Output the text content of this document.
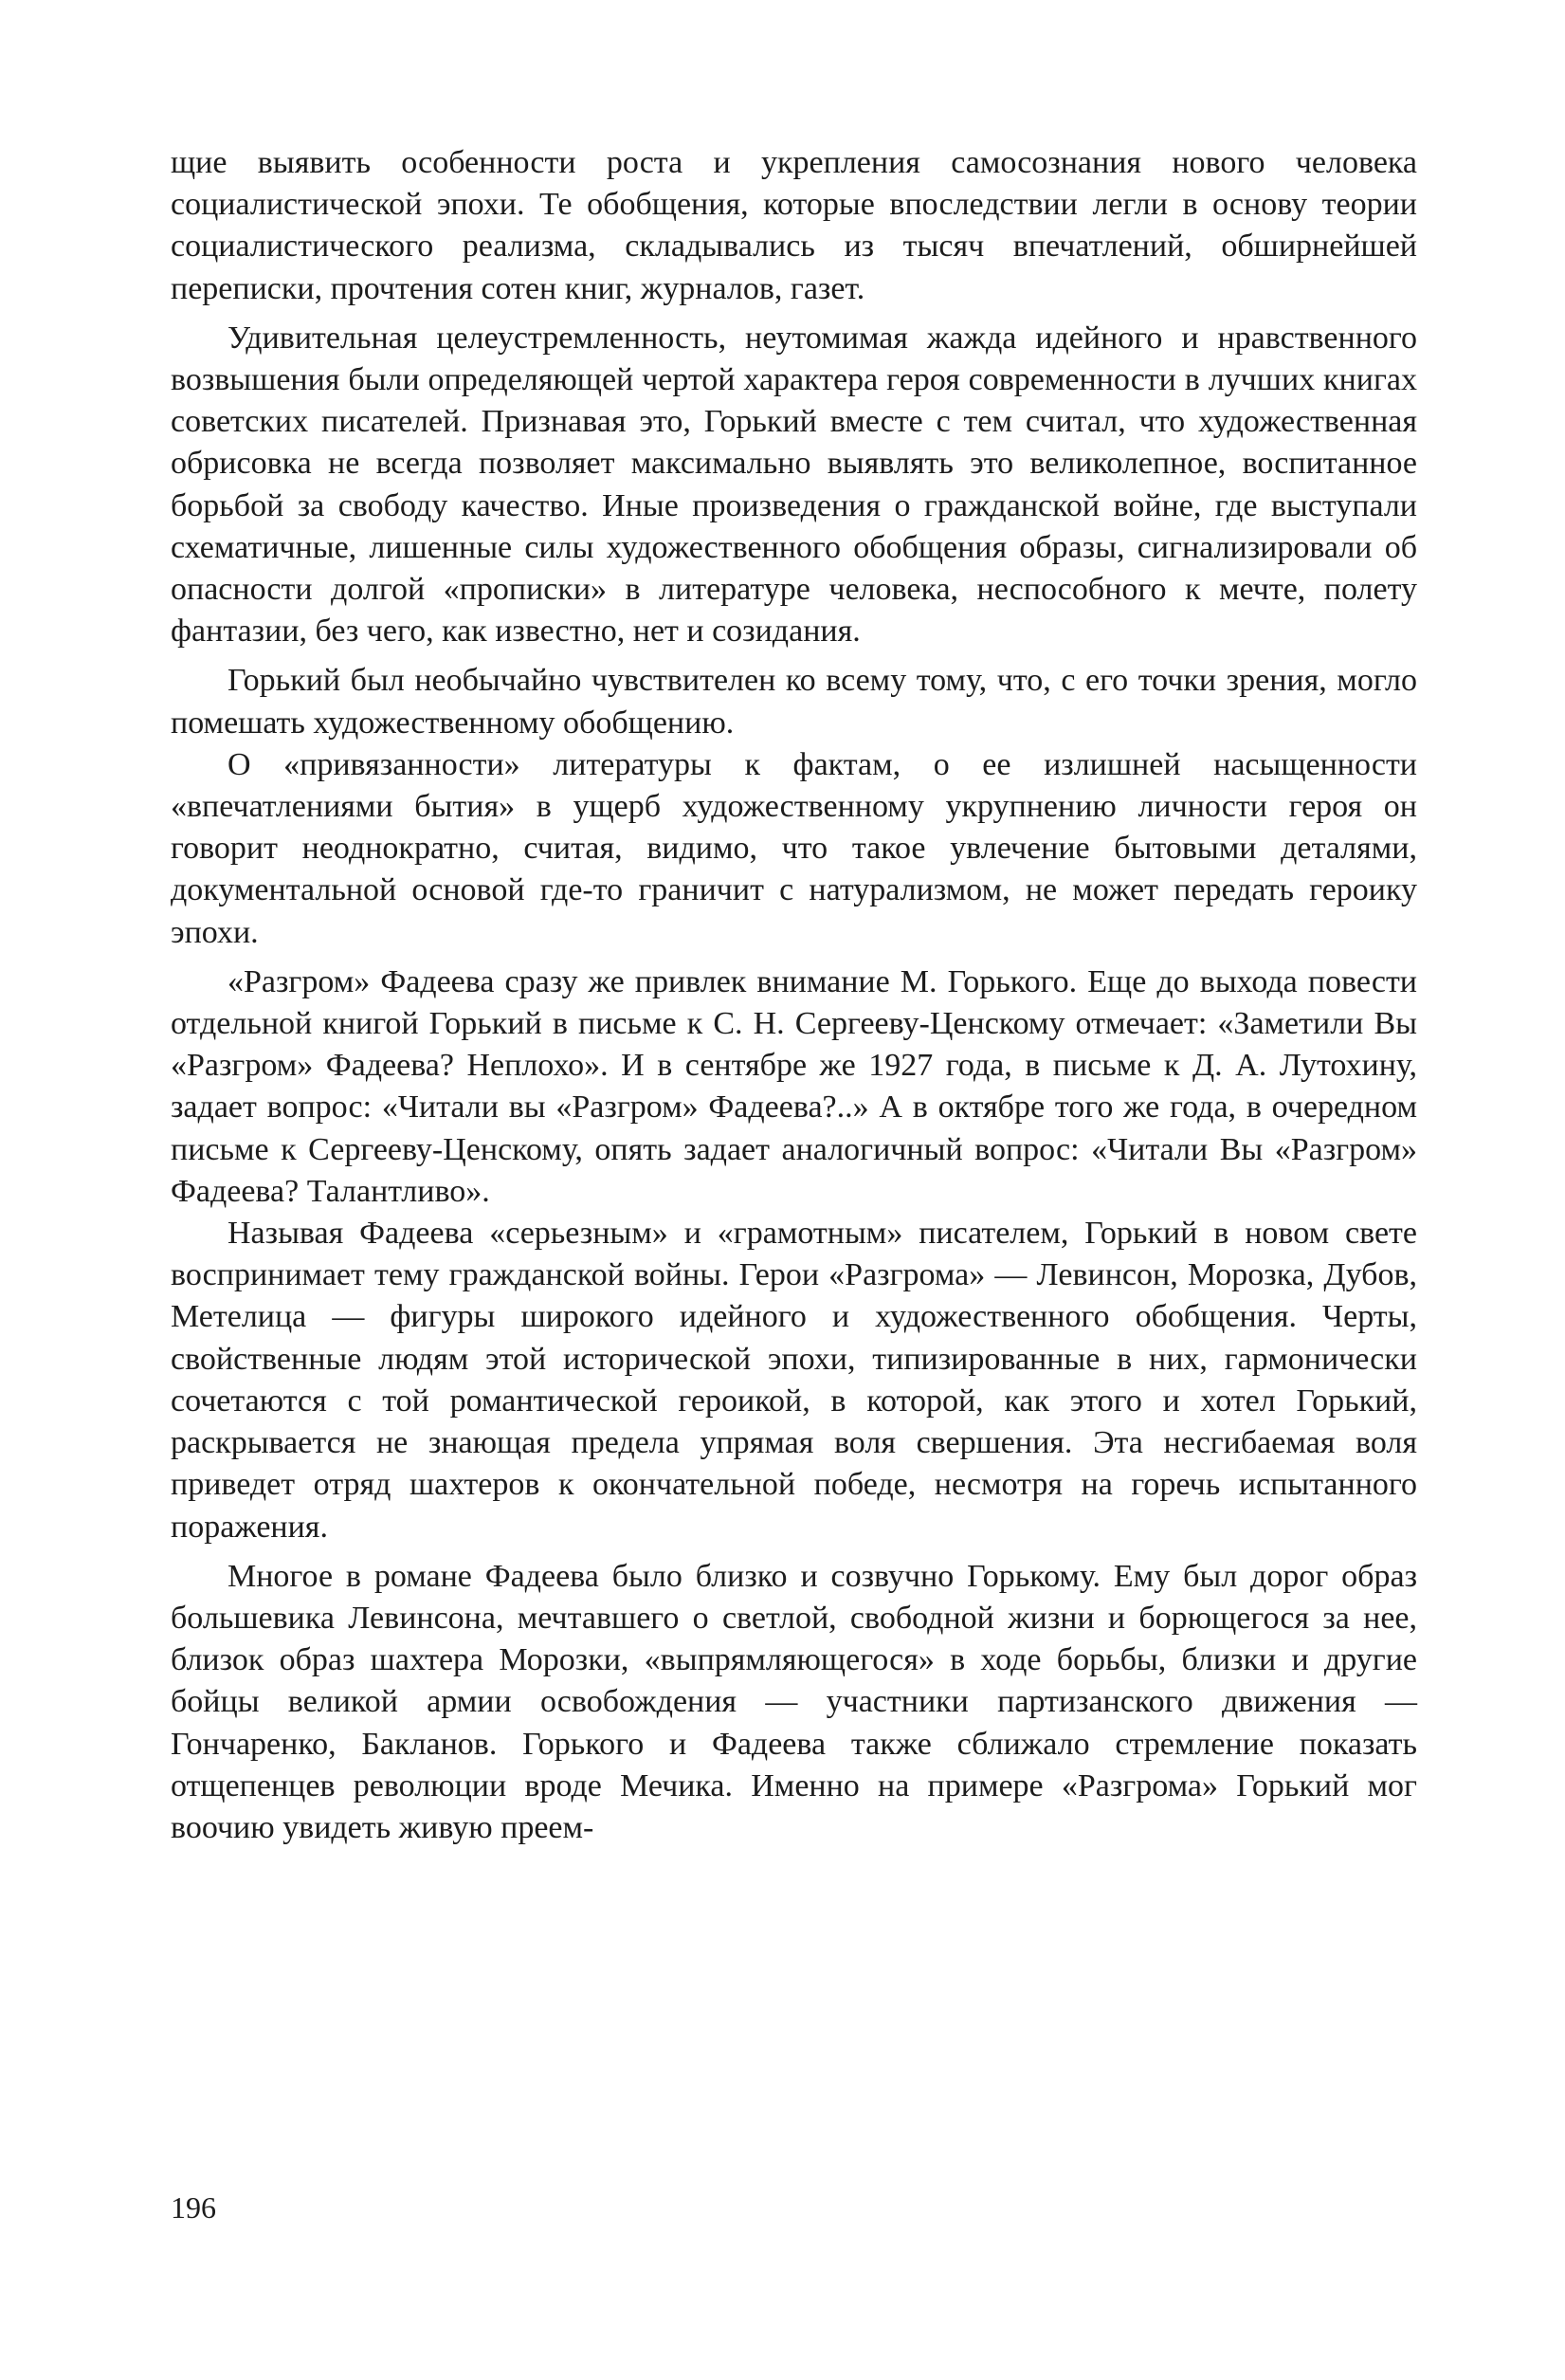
щие выявить особенности роста и укрепления самосознания нового человека социалистической эпохи. Те обобщения, которые впоследствии легли в основу теории социалистического реализма, складывались из тысяч впечатлений, обширнейшей переписки, прочтения сотен книг, журналов, газет.

Удивительная целеустремленность, неутомимая жажда идейного и нравственного возвышения были определяющей чертой характера героя современности в лучших книгах советских писателей. Признавая это, Горький вместе с тем считал, что художественная обрисовка не всегда позволяет максимально выявлять это великолепное, воспитанное борьбой за свободу качество. Иные произведения о гражданской войне, где выступали схематичные, лишенные силы художественного обобщения образы, сигнализировали об опасности долгой «прописки» в литературе человека, неспособного к мечте, полету фантазии, без чего, как известно, нет и созидания.

Горький был необычайно чувствителен ко всему тому, что, с его точки зрения, могло помешать художественному обобщению.

О «привязанности» литературы к фактам, о ее излишней насыщенности «впечатлениями бытия» в ущерб художественному укрупнению личности героя он говорит неоднократно, считая, видимо, что такое увлечение бытовыми деталями, документальной основой где-то граничит с натурализмом, не может передать героику эпохи.

«Разгром» Фадеева сразу же привлек внимание М. Горького. Еще до выхода повести отдельной книгой Горький в письме к С. Н. Сергееву-Ценскому отмечает: «Заметили Вы «Разгром» Фадеева? Неплохо». И в сентябре же 1927 года, в письме к Д. А. Лутохину, задает вопрос: «Читали вы «Разгром» Фадеева?..» А в октябре того же года, в очередном письме к Сергееву-Ценскому, опять задает аналогичный вопрос: «Читали Вы «Разгром» Фадеева? Талантливо».

Называя Фадеева «серьезным» и «грамотным» писателем, Горький в новом свете воспринимает тему гражданской войны. Герои «Разгрома» — Левинсон, Морозка, Дубов, Метелица — фигуры широкого идейного и художественного обобщения. Черты, свойственные людям этой исторической эпохи, типизированные в них, гармонически сочетаются с той романтической героикой, в которой, как этого и хотел Горький, раскрывается не знающая предела упрямая воля свершения. Эта несгибаемая воля приведет отряд шахтеров к окончательной победе, несмотря на горечь испытанного поражения.

Многое в романе Фадеева было близко и созвучно Горькому. Ему был дорог образ большевика Левинсона, мечтавшего о светлой, свободной жизни и борющегося за нее, близок образ шахтера Морозки, «выпрямляющегося» в ходе борьбы, близки и другие бойцы великой армии освобождения — участники партизанского движения — Гончаренко, Бакланов. Горького и Фадеева также сближало стремление показать отщепенцев революции вроде Мечика. Именно на примере «Разгрома» Горький мог воочию увидеть живую преем-

196
